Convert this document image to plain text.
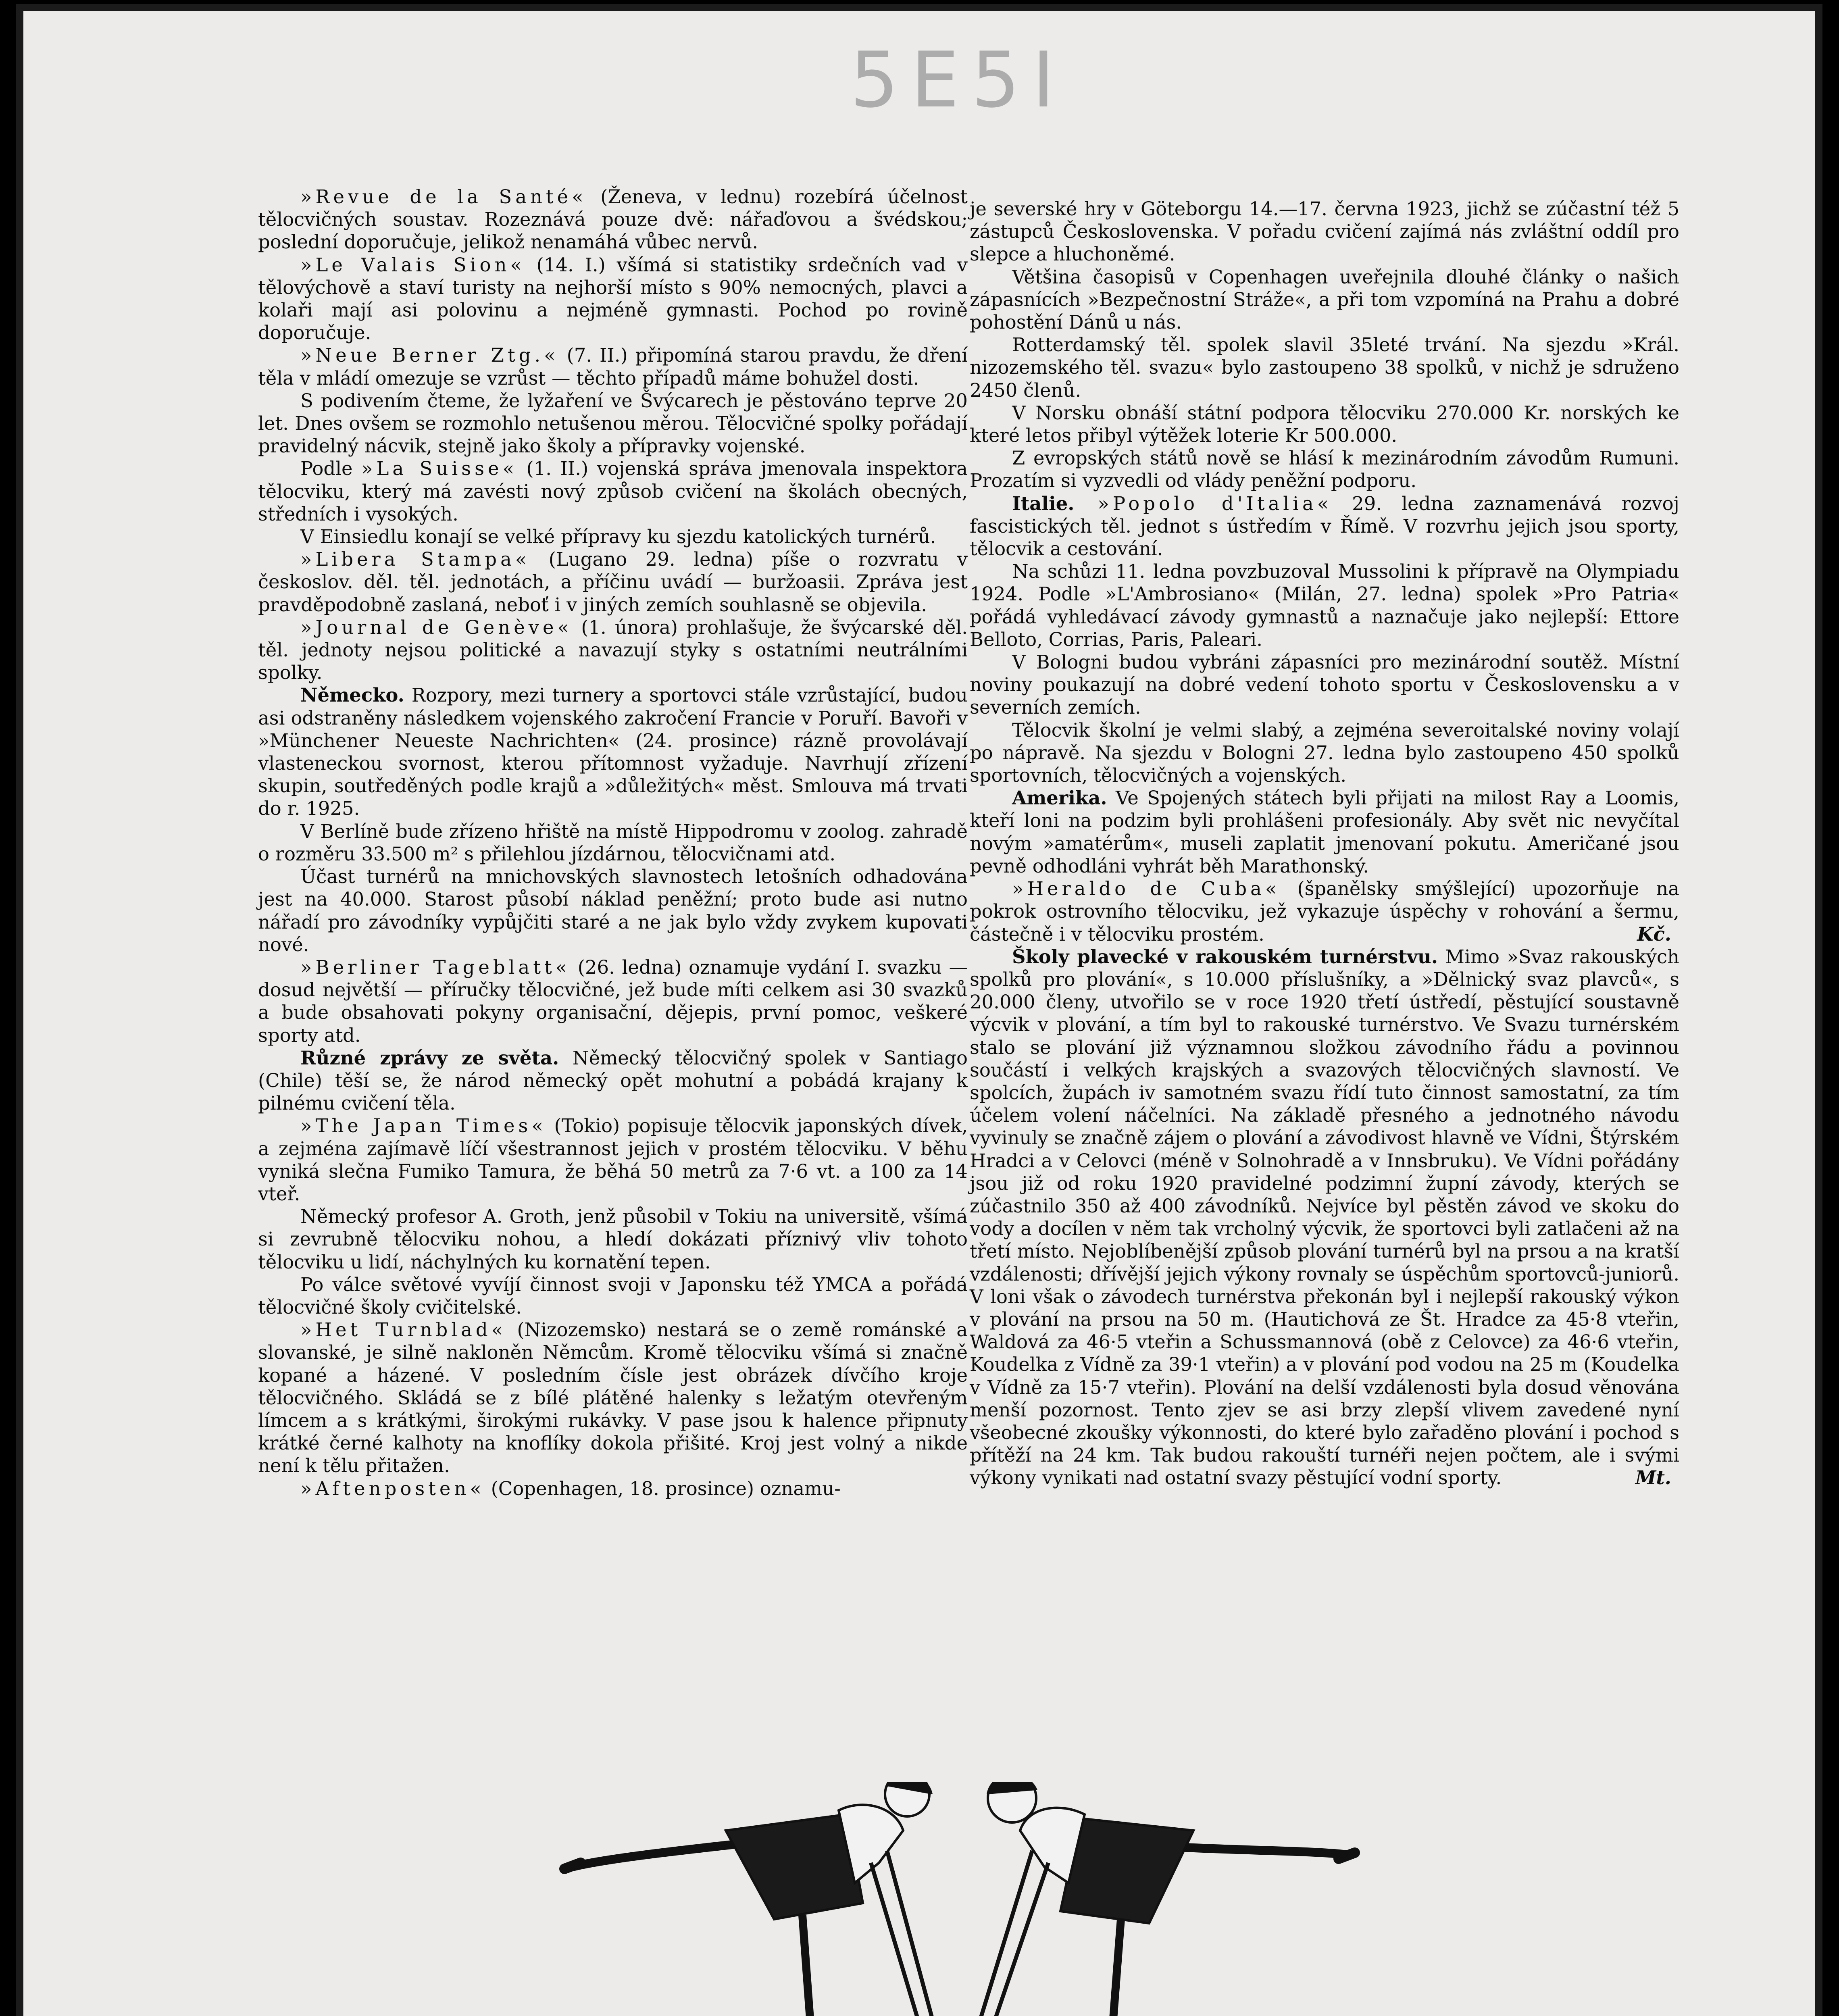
5E5I

»Revue de la Santé« (Ženeva, v lednu) rozebírá účelnost tělocvičných soustav. Rozeznává pouze dvě: nářaďovou a švédskou; poslední doporučuje, jelikož nenamáhá vůbec nervů.

»Le Valais Sion« (14. I.) všímá si statistiky srdečních vad v tělovýchově a staví turisty na nejhorší místo s 90% nemocných, plavci a kolaři mají asi polovinu a nejméně gymnasti. Pochod po rovině doporučuje.

»Neue Berner Ztg.« (7. II.) připomíná starou pravdu, že dření těla v mládí omezuje se vzrůst — těchto případů máme bohužel dosti.

S podivením čteme, že lyžaření ve Švýcarech je pěstováno teprve 20 let. Dnes ovšem se rozmohlo netušenou měrou. Tělocvičné spolky pořádají pravidelný nácvik, stejně jako školy a přípravky vojenské.

Podle »La Suisse« (1. II.) vojenská správa jmenovala inspektora tělocviku, který má zavésti nový způsob cvičení na školách obecných, středních i vysokých.

V Einsiedlu konají se velké přípravy ku sjezdu katolických turnérů.

»Libera Stampa« (Lugano 29. ledna) píše o rozvratu v českoslov. děl. těl. jednotách, a příčinu uvádí — buržoasii. Zpráva jest pravděpodobně zaslaná, neboť i v jiných zemích souhlasně se objevila.

»Journal de Genève« (1. února) prohlašuje, že švýcarské děl. těl. jednoty nejsou politické a navazují styky s ostatními neutrálními spolky.

Německo. Rozpory, mezi turnery a sportovci stále vzrůstající, budou asi odstraněny následkem vojenského zakročení Francie v Poruří. Bavoři v »Münchener Neueste Nachrichten« (24. prosince) rázně provolávají vlasteneckou svornost, kterou přítomnost vyžaduje. Navrhují zřízení skupin, soutředěných podle krajů a »důležitých« měst. Smlouva má trvati do r. 1925.

V Berlíně bude zřízeno hřiště na místě Hippodromu v zoolog. zahradě o rozměru 33.500 m² s přilehlou jízdárnou, tělocvičnami atd.

Účast turnérů na mnichovských slavnostech letošních odhadována jest na 40.000. Starost působí náklad peněžní; proto bude asi nutno nářadí pro závodníky vypůjčiti staré a ne jak bylo vždy zvykem kupovati nové.

»Berliner Tageblatt« (26. ledna) oznamuje vydání I. svazku — dosud největší — příručky tělocvičné, jež bude míti celkem asi 30 svazků a bude obsahovati pokyny organisační, dějepis, první pomoc, veškeré sporty atd.

Různé zprávy ze světa. Německý tělocvičný spolek v Santiago (Chile) těší se, že národ německý opět mohutní a pobádá krajany k pilnému cvičení těla.

»The Japan Times« (Tokio) popisuje tělocvik japonských dívek, a zejména zajímavě líčí všestrannost jejich v prostém tělocviku. V běhu vyniká slečna Fumiko Tamura, že běhá 50 metrů za 7·6 vt. a 100 za 14 vteř.

Německý profesor A. Groth, jenž působil v Tokiu na universitě, všímá si zevrubně tělocviku nohou, a hledí dokázati příznivý vliv tohoto tělocviku u lidí, náchylných ku kornatění tepen.

Po válce světové vyvíjí činnost svoji v Japonsku též YMCA a pořádá tělocvičné školy cvičitelské.

»Het Turnblad« (Nizozemsko) nestará se o země románské a slovanské, je silně nakloněn Němcům. Kromě tělocviku všímá si značně kopané a házené. V posledním čísle jest obrázek dívčího kroje tělocvičného. Skládá se z bílé plátěné halenky s ležatým otevřeným límcem a s krátkými, širokými rukávky. V pase jsou k halence připnuty krátké černé kalhoty na knoflíky dokola přišité. Kroj jest volný a nikde není k tělu přitažen.

»Aftenposten« (Copenhagen, 18. prosince) oznamu-

je severské hry v Göteborgu 14.—17. června 1923, jichž se zúčastní též 5 zástupců Československa. V pořadu cvičení zajímá nás zvláštní oddíl pro slepce a hluchoněmé.

Většina časopisů v Copenhagen uveřejnila dlouhé články o našich zápasnících »Bezpečnostní Stráže«, a při tom vzpomíná na Prahu a dobré pohostění Dánů u nás.

Rotterdamský těl. spolek slavil 35leté trvání. Na sjezdu »Král. nizozemského těl. svazu« bylo zastoupeno 38 spolků, v nichž je sdruženo 2450 členů.

V Norsku obnáší státní podpora tělocviku 270.000 Kr. norských ke které letos přibyl výtěžek loterie Kr 500.000.

Z evropských států nově se hlásí k mezinárodním závodům Rumuni. Prozatím si vyzvedli od vlády peněžní podporu.

Italie. »Popolo d'Italia« 29. ledna zaznamenává rozvoj fascistických těl. jednot s ústředím v Římě. V rozvrhu jejich jsou sporty, tělocvik a cestování.

Na schůzi 11. ledna povzbuzoval Mussolini k přípravě na Olympiadu 1924. Podle »L'Ambrosiano« (Milán, 27. ledna) spolek »Pro Patria« pořádá vyhledávací závody gymnastů a naznačuje jako nejlepší: Ettore Belloto, Corrias, Paris, Paleari.

V Bologni budou vybráni zápasníci pro mezinárodní soutěž. Místní noviny poukazují na dobré vedení tohoto sportu v Československu a v severních zemích.

Tělocvik školní je velmi slabý, a zejména severoitalské noviny volají po nápravě. Na sjezdu v Bologni 27. ledna bylo zastoupeno 450 spolků sportovních, tělocvičných a vojenských.

Amerika. Ve Spojených státech byli přijati na milost Ray a Loomis, kteří loni na podzim byli prohlášeni profesionály. Aby svět nic nevyčítal novým »amatérům«, museli zaplatit jmenovaní pokutu. Američané jsou pevně odhodláni vyhrát běh Marathonský.

»Heraldo de Cuba« (španělsky smýšlející) upozorňuje na pokrok ostrovního tělocviku, jež vykazuje úspěchy v rohování a šermu, částečně i v tělocviku prostém.	Kč.

Školy plavecké v rakouském turnérstvu. Mimo »Svaz rakouských spolků pro plování«, s 10.000 příslušníky, a »Dělnický svaz plavců«, s 20.000 členy, utvořilo se v roce 1920 třetí ústředí, pěstující soustavně výcvik v plování, a tím byl to rakouské turnérstvo. Ve Svazu turnérském stalo se plování již významnou složkou závodního řádu a povinnou součástí i velkých krajských a svazových tělocvičných slavností. Ve spolcích, župách iv samotném svazu řídí tuto činnost samostatní, za tím účelem volení náčelníci. Na základě přesného a jednotného návodu vyvinuly se značně zájem o plování a závodivost hlavně ve Vídni, Štýrském Hradci a v Celovci (méně v Solnohradě a v Innsbruku). Ve Vídni pořádány jsou již od roku 1920 pravidelné podzimní župní závody, kterých se zúčastnilo 350 až 400 závodníků. Nejvíce byl pěstěn závod ve skoku do vody a docílen v něm tak vrcholný výcvik, že sportovci byli zatlačeni až na třetí místo. Nejoblíbenější způsob plování turnérů byl na prsou a na kratší vzdálenosti; dřívější jejich výkony rovnaly se úspěchům sportovců-juniorů. V loni však o závodech turnérstva překonán byl i nejlepší rakouský výkon v plování na prsou na 50 m. (Hautichová ze Št. Hradce za 45·8 vteřin, Waldová za 46·5 vteřin a Schussmannová (obě z Celovce) za 46·6 vteřin, Koudelka z Vídně za 39·1 vteřin) a v plování pod vodou na 25 m (Koudelka v Vídně za 15·7 vteřin). Plování na delší vzdálenosti byla dosud věnována menší pozornost. Tento zjev se asi brzy zlepší vlivem zavedené nyní všeobecné zkoušky výkonnosti, do které bylo zařaděno plování i pochod s přítěží na 24 km. Tak budou rakouští turnéři nejen počtem, ale i svými výkony vynikati nad ostatní svazy pěstující vodní sporty.	Mt.
